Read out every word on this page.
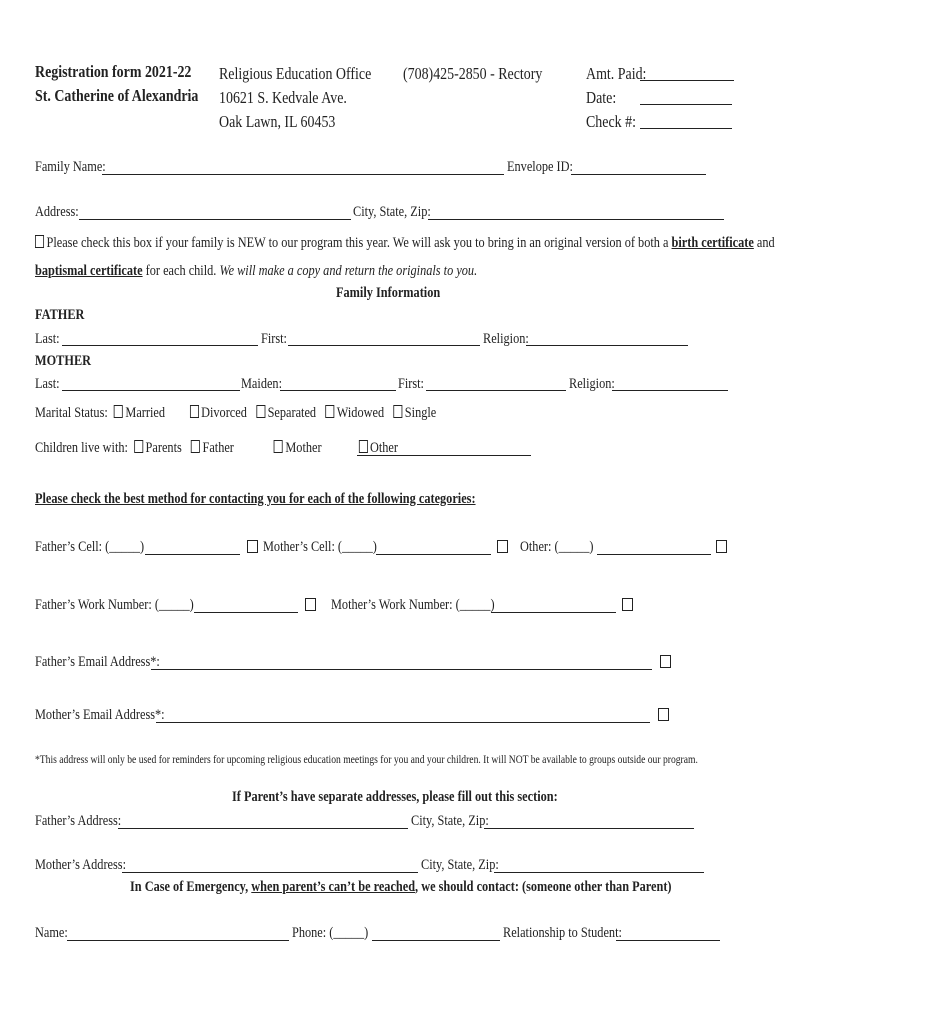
Registration form 2021-22
St. Catherine of Alexandria
Religious Education Office
10621 S. Kedvale Ave.
Oak Lawn, IL 60453
(708)425-2850 - Rectory	Amt. Paid:
Date:
Check #:
Family Name:	Envelope ID:
Address:	City, State, Zip:
Please check this box if your family is NEW to our program this year. We will ask you to bring in an original version of both a birth certificate and
baptismal certificate for each child. We will make a copy and return the originals to you.
Family Information
FATHER
Last:	First:	Religion:
MOTHER
Last:	Maiden:	First:	Religion:
Marital Status: Married Divorced Separated Widowed Single
Children live with: Parents Father	Mother	Other
Please check the best method for contacting you for each of the following categories:
Father’s Cell: (_____)	Mother’s Cell: (_____)	Other: (_____)
Father’s Work Number: (_____)	Mother’s Work Number: (_____)
Father’s Email Address*:
Mother’s Email Address*:
*This address will only be used for reminders for upcoming religious education meetings for you and your children. It will NOT be available to groups outside our program.
If Parent’s have separate addresses, please fill out this section:
Father’s Address:	City, State, Zip:
Mother’s Address:	City, State, Zip:
In Case of Emergency, when parent’s can’t be reached, we should contact: (someone other than Parent)
Name:	Phone: (_____)	Relationship to Student:
